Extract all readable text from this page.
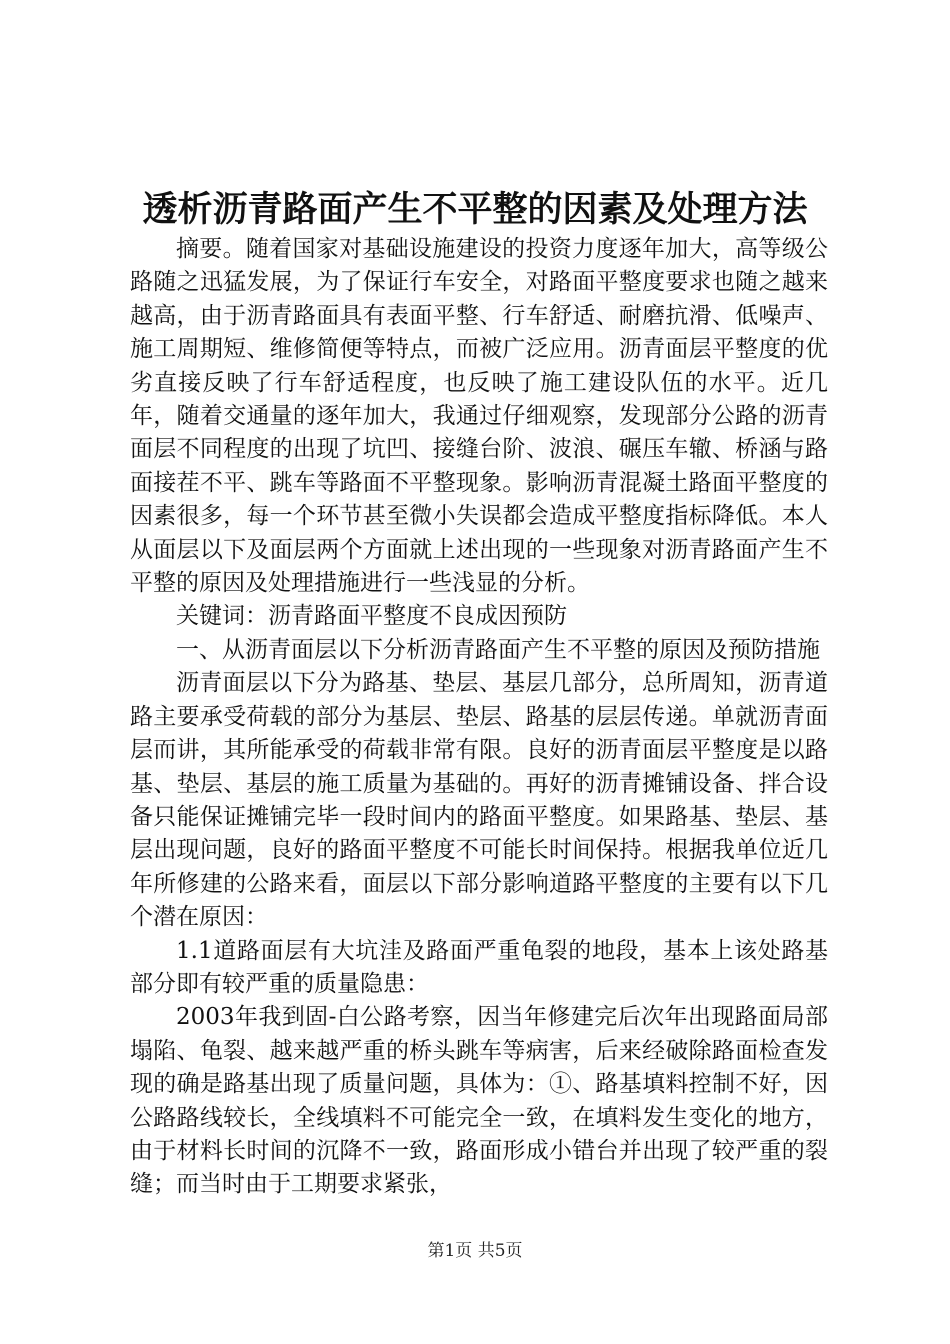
透析沥青路面产生不平整的因素及处理方法

摘要。随着国家对基础设施建设的投资力度逐年加大，高等级公路随之迅猛发展，为了保证行车安全，对路面平整度要求也随之越来越高，由于沥青路面具有表面平整、行车舒适、耐磨抗滑、低噪声、施工周期短、维修简便等特点，而被广泛应用。沥青面层平整度的优劣直接反映了行车舒适程度，也反映了施工建设队伍的水平。近几年，随着交通量的逐年加大，我通过仔细观察，发现部分公路的沥青面层不同程度的出现了坑凹、接缝台阶、波浪、碾压车辙、桥涵与路面接茬不平、跳车等路面不平整现象。影响沥青混凝土路面平整度的因素很多，每一个环节甚至微小失误都会造成平整度指标降低。本人从面层以下及面层两个方面就上述出现的一些现象对沥青路面产生不平整的原因及处理措施进行一些浅显的分析。

关键词：沥青路面平整度不良成因预防

一、从沥青面层以下分析沥青路面产生不平整的原因及预防措施

沥青面层以下分为路基、垫层、基层几部分，总所周知，沥青道路主要承受荷载的部分为基层、垫层、路基的层层传递。单就沥青面层而讲，其所能承受的荷载非常有限。良好的沥青面层平整度是以路基、垫层、基层的施工质量为基础的。再好的沥青摊铺设备、拌合设备只能保证摊铺完毕一段时间内的路面平整度。如果路基、垫层、基层出现问题，良好的路面平整度不可能长时间保持。根据我单位近几年所修建的公路来看，面层以下部分影响道路平整度的主要有以下几个潜在原因：

1.1道路面层有大坑洼及路面严重龟裂的地段，基本上该处路基部分即有较严重的质量隐患：

2003年我到固-白公路考察，因当年修建完后次年出现路面局部塌陷、龟裂、越来越严重的桥头跳车等病害，后来经破除路面检查发现的确是路基出现了质量问题，具体为：①、路基填料控制不好，因公路路线较长，全线填料不可能完全一致，在填料发生变化的地方，由于材料长时间的沉降不一致，路面形成小错台并出现了较严重的裂缝；而当时由于工期要求紧张，

第1页 共5页
